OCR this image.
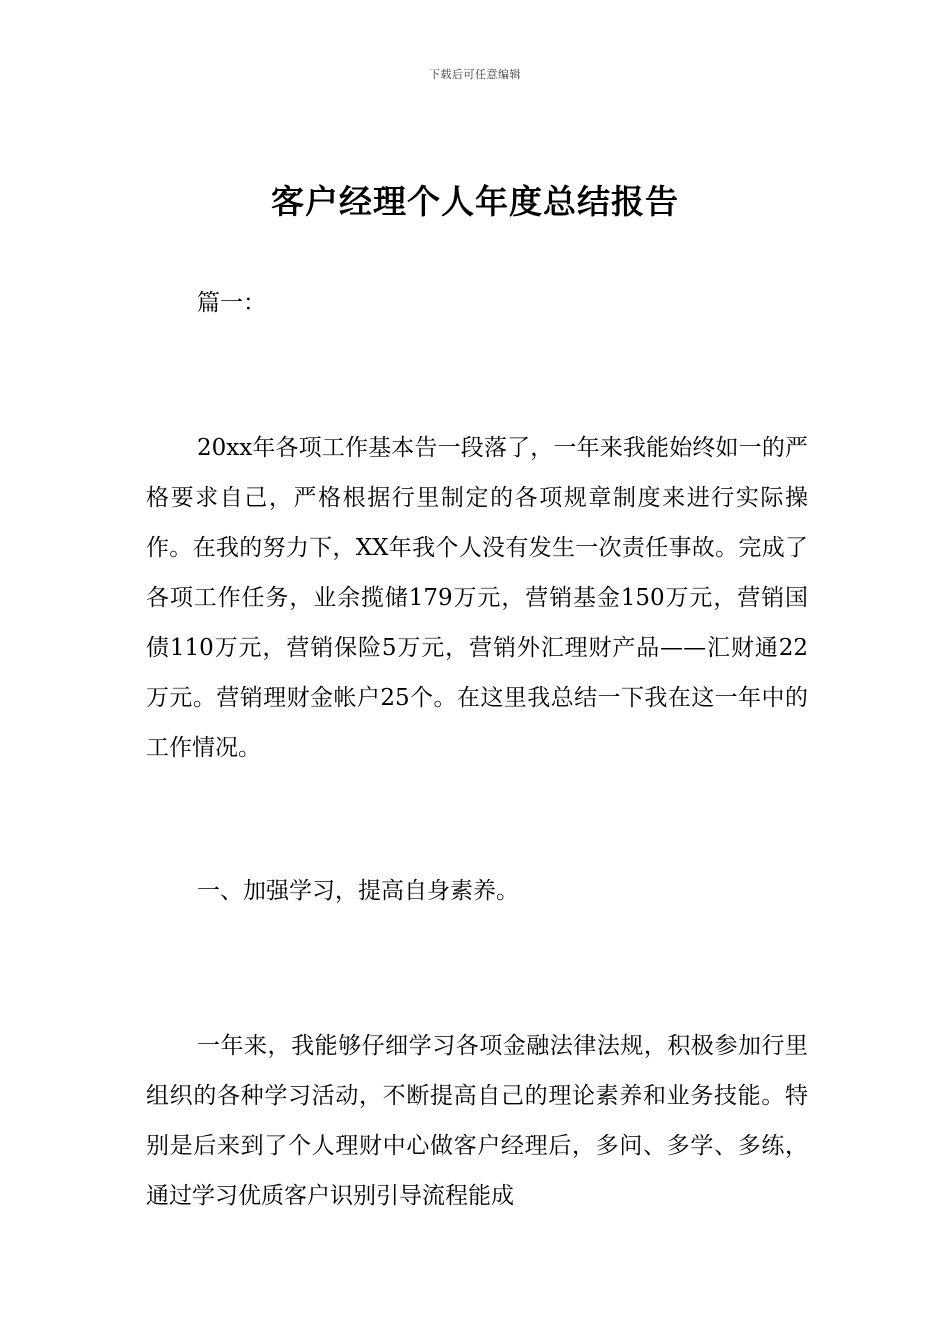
下载后可任意编辑
客户经理个人年度总结报告
篇一：

20xx年各项工作基本告一段落了，一年来我能始终如一的严格要求自己，严格根据行里制定的各项规章制度来进行实际操作。在我的努力下，XX年我个人没有发生一次责任事故。完成了各项工作任务，业余揽储179万元，营销基金150万元，营销国债110万元，营销保险5万元，营销外汇理财产品——汇财通22万元。营销理财金帐户25个。在这里我总结一下我在这一年中的工作情况。

一、加强学习，提高自身素养。

一年来，我能够仔细学习各项金融法律法规，积极参加行里组织的各种学习活动，不断提高自己的理论素养和业务技能。特别是后来到了个人理财中心做客户经理后，多问、多学、多练，通过学习优质客户识别引导流程能成
